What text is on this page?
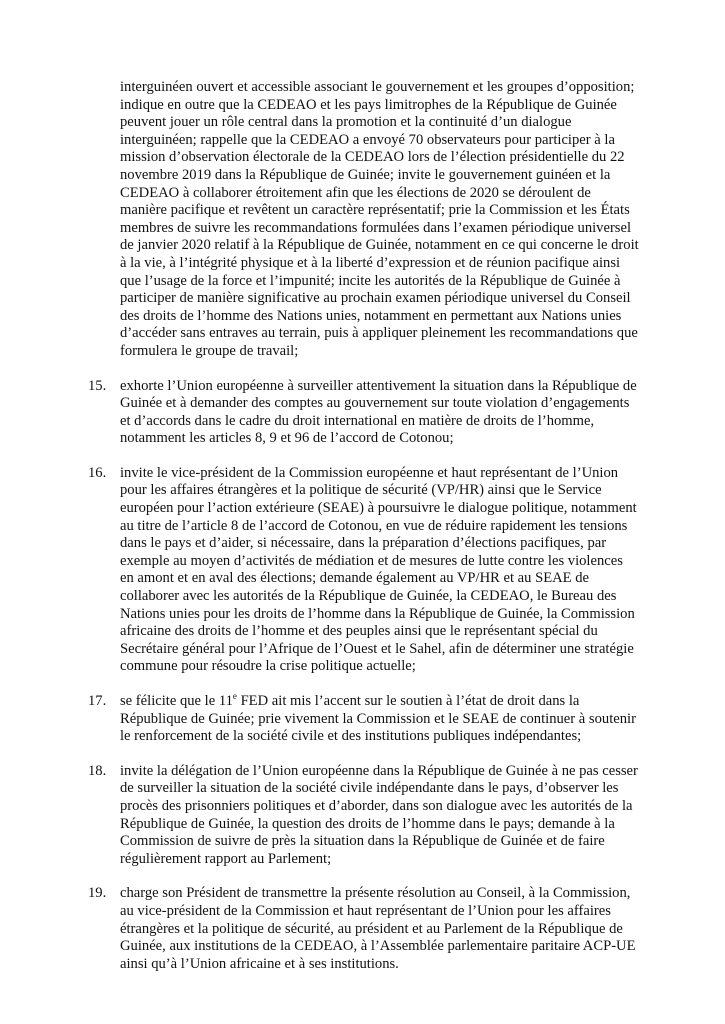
interguinéen ouvert et accessible associant le gouvernement et les groupes d’opposition; indique en outre que la CEDEAO et les pays limitrophes de la République de Guinée peuvent jouer un rôle central dans la promotion et la continuité d’un dialogue interguinéen; rappelle que la CEDEAO a envoyé 70 observateurs pour participer à la mission d’observation électorale de la CEDEAO lors de l’élection présidentielle du 22 novembre 2019 dans la République de Guinée; invite le gouvernement guinéen et la CEDEAO à collaborer étroitement afin que les élections de 2020 se déroulent de manière pacifique et revêtent un caractère représentatif; prie la Commission et les États membres de suivre les recommandations formulées dans l’examen périodique universel de janvier 2020 relatif à la République de Guinée, notamment en ce qui concerne le droit à la vie, à l’intégrité physique et à la liberté d’expression et de réunion pacifique ainsi que l’usage de la force et l’impunité; incite les autorités de la République de Guinée à participer de manière significative au prochain examen périodique universel du Conseil des droits de l’homme des Nations unies, notamment en permettant aux Nations unies d’accéder sans entraves au terrain, puis à appliquer pleinement les recommandations que formulera le groupe de travail;
15. exhorte l’Union européenne à surveiller attentivement la situation dans la République de Guinée et à demander des comptes au gouvernement sur toute violation d’engagements et d’accords dans le cadre du droit international en matière de droits de l’homme, notamment les articles 8, 9 et 96 de l’accord de Cotonou;
16. invite le vice-président de la Commission européenne et haut représentant de l’Union pour les affaires étrangères et la politique de sécurité (VP/HR) ainsi que le Service européen pour l’action extérieure (SEAE) à poursuivre le dialogue politique, notamment au titre de l’article 8 de l’accord de Cotonou, en vue de réduire rapidement les tensions dans le pays et d’aider, si nécessaire, dans la préparation d’élections pacifiques, par exemple au moyen d’activités de médiation et de mesures de lutte contre les violences en amont et en aval des élections; demande également au VP/HR et au SEAE de collaborer avec les autorités de la République de Guinée, la CEDEAO, le Bureau des Nations unies pour les droits de l’homme dans la République de Guinée, la Commission africaine des droits de l’homme et des peuples ainsi que le représentant spécial du Secrétaire général pour l’Afrique de l’Ouest et le Sahel, afin de déterminer une stratégie commune pour résoudre la crise politique actuelle;
17. se félicite que le 11e FED ait mis l’accent sur le soutien à l’état de droit dans la République de Guinée; prie vivement la Commission et le SEAE de continuer à soutenir le renforcement de la société civile et des institutions publiques indépendantes;
18. invite la délégation de l’Union européenne dans la République de Guinée à ne pas cesser de surveiller la situation de la société civile indépendante dans le pays, d’observer les procès des prisonniers politiques et d’aborder, dans son dialogue avec les autorités de la République de Guinée, la question des droits de l’homme dans le pays; demande à la Commission de suivre de près la situation dans la République de Guinée et de faire régulièrement rapport au Parlement;
19. charge son Président de transmettre la présente résolution au Conseil, à la Commission, au vice-président de la Commission et haut représentant de l’Union pour les affaires étrangères et la politique de sécurité, au président et au Parlement de la République de Guinée, aux institutions de la CEDEAO, à l’Assemblée parlementaire paritaire ACP-UE ainsi qu’à l’Union africaine et à ses institutions.
